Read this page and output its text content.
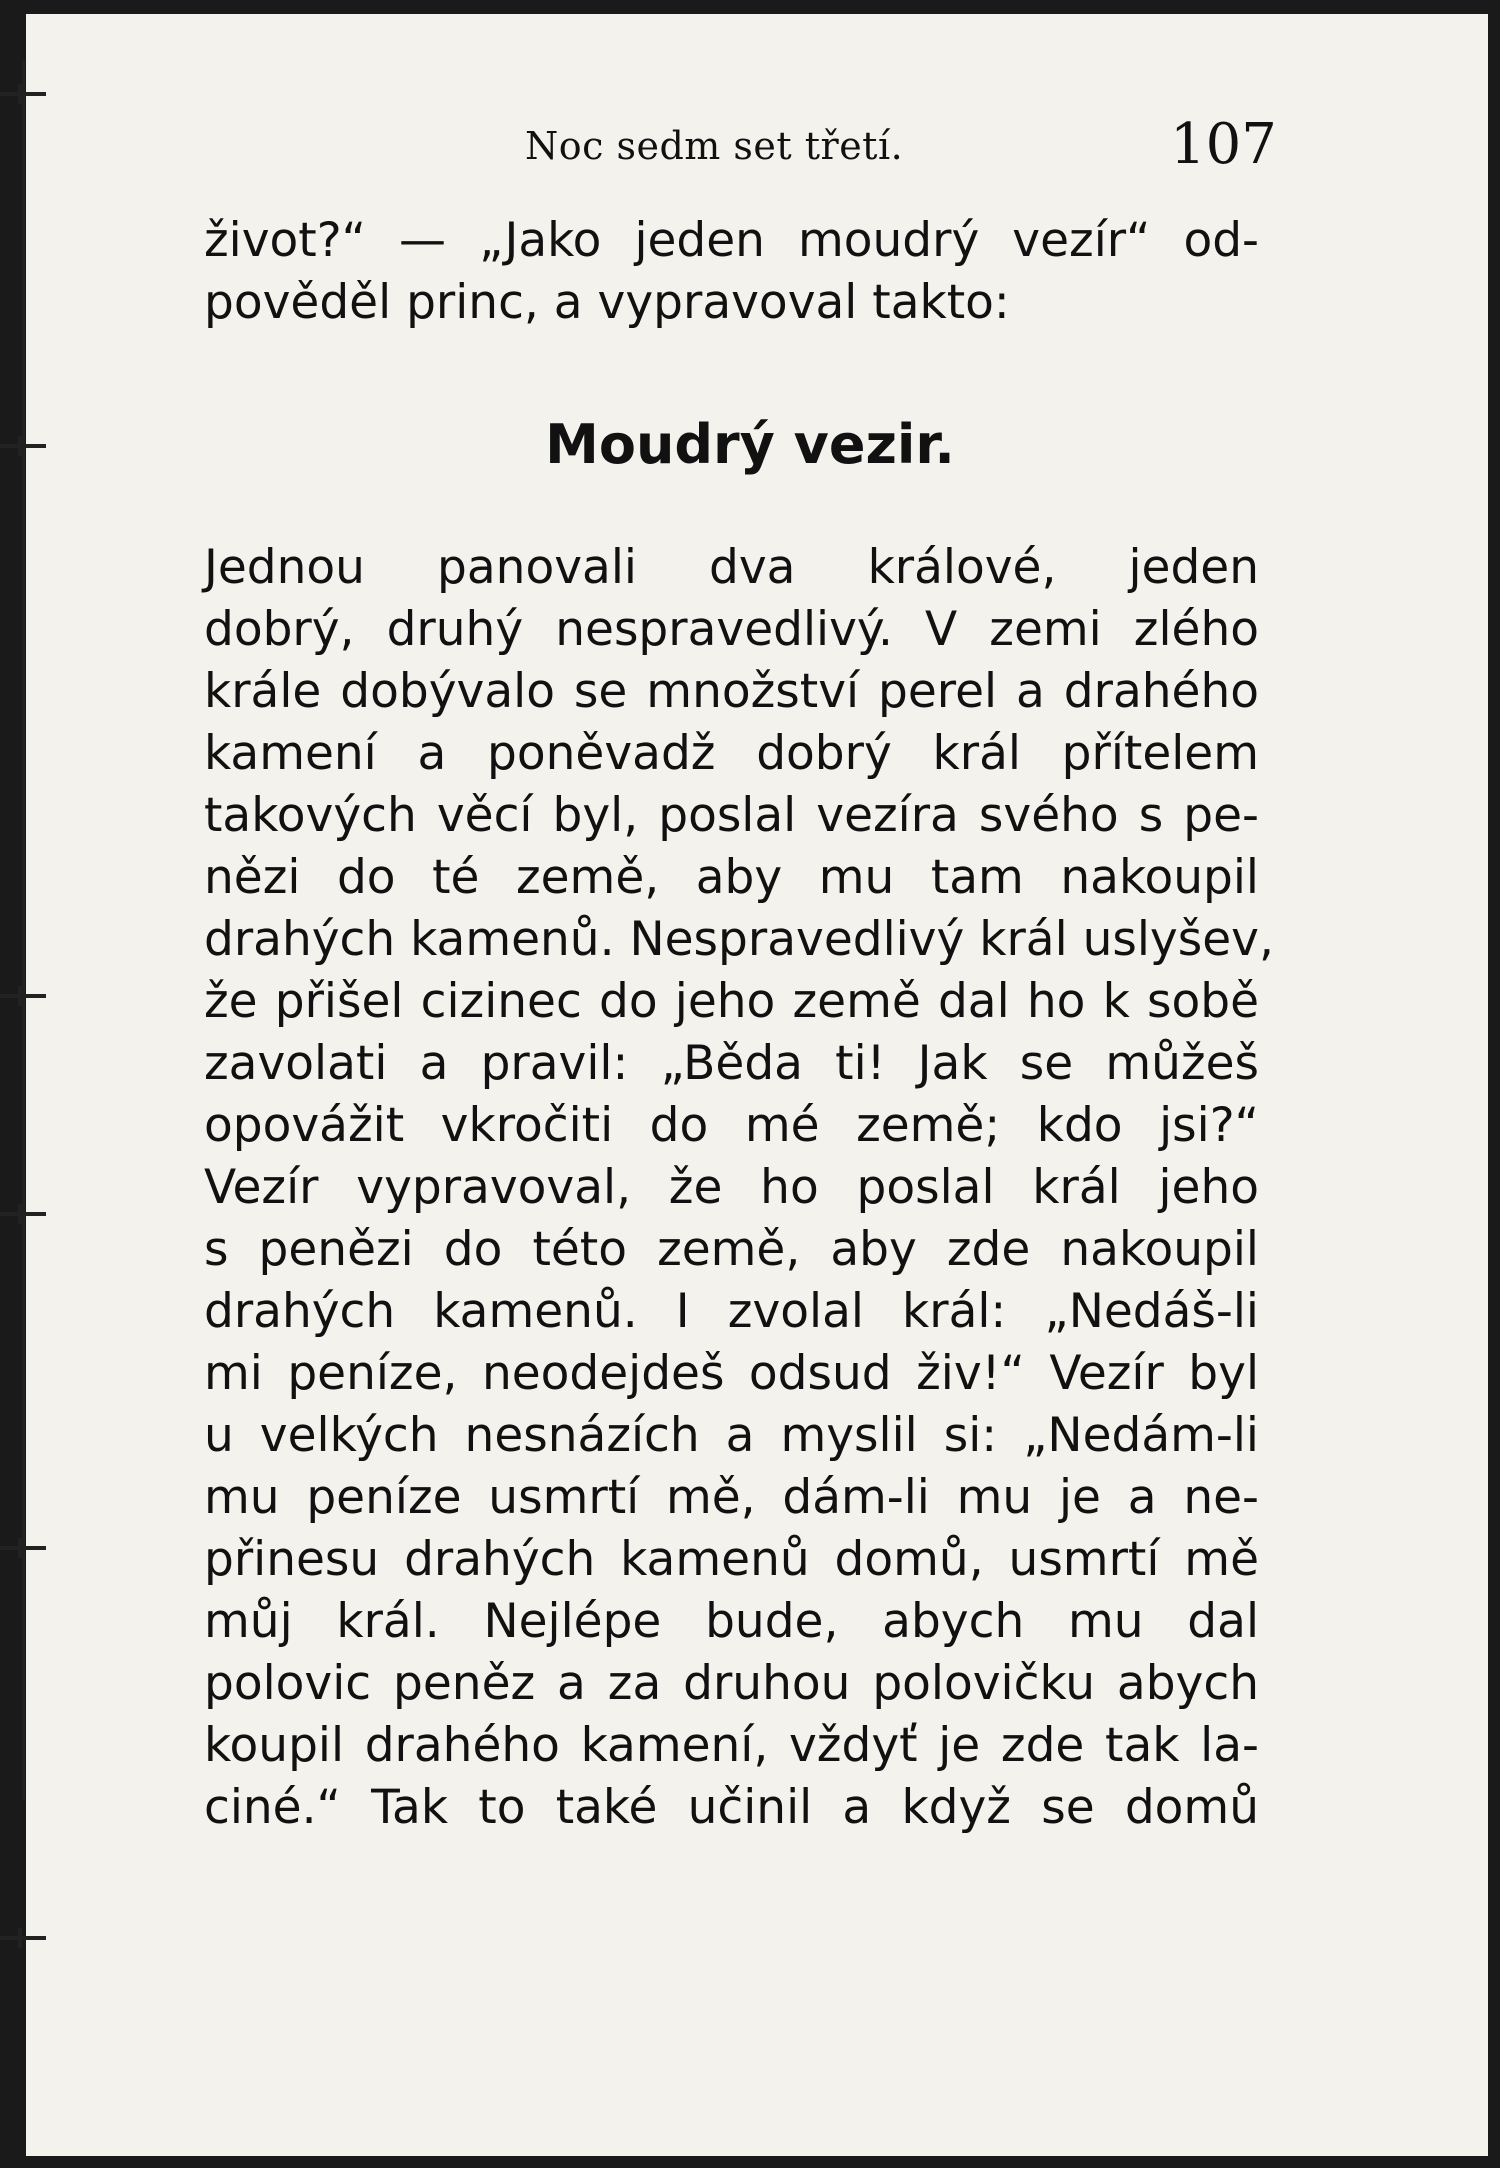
Noc sedm set třetí.	107
život?“ — „Jako jeden moudrý vezír“ od-
pověděl princ, a vypravoval takto:
Moudrý vezir.
Jednou panovali dva králové, jeden
dobrý, druhý nespravedlivý. V zemi zlého
krále dobývalo se množství perel a drahého
kamení a poněvadž dobrý král přítelem
takových věcí byl, poslal vezíra svého s pe-
nězi do té země, aby mu tam nakoupil
drahých kamenů. Nespravedlivý král uslyšev,
že přišel cizinec do jeho země dal ho k sobě
zavolati a pravil: „Běda ti! Jak se můžeš
opovážit vkročiti do mé země; kdo jsi?“
Vezír vypravoval, že ho poslal král jeho
s penězi do této země, aby zde nakoupil
drahých kamenů. I zvolal král: „Nedáš-li
mi peníze, neodejdeš odsud živ!“ Vezír byl
u velkých nesnázích a myslil si: „Nedám-li
mu peníze usmrtí mě, dám-li mu je a ne-
přinesu drahých kamenů domů, usmrtí mě
můj král. Nejlépe bude, abych mu dal
polovic peněz a za druhou polovičku abych
koupil drahého kamení, vždyť je zde tak la-
ciné.“ Tak to také učinil a když se domů
